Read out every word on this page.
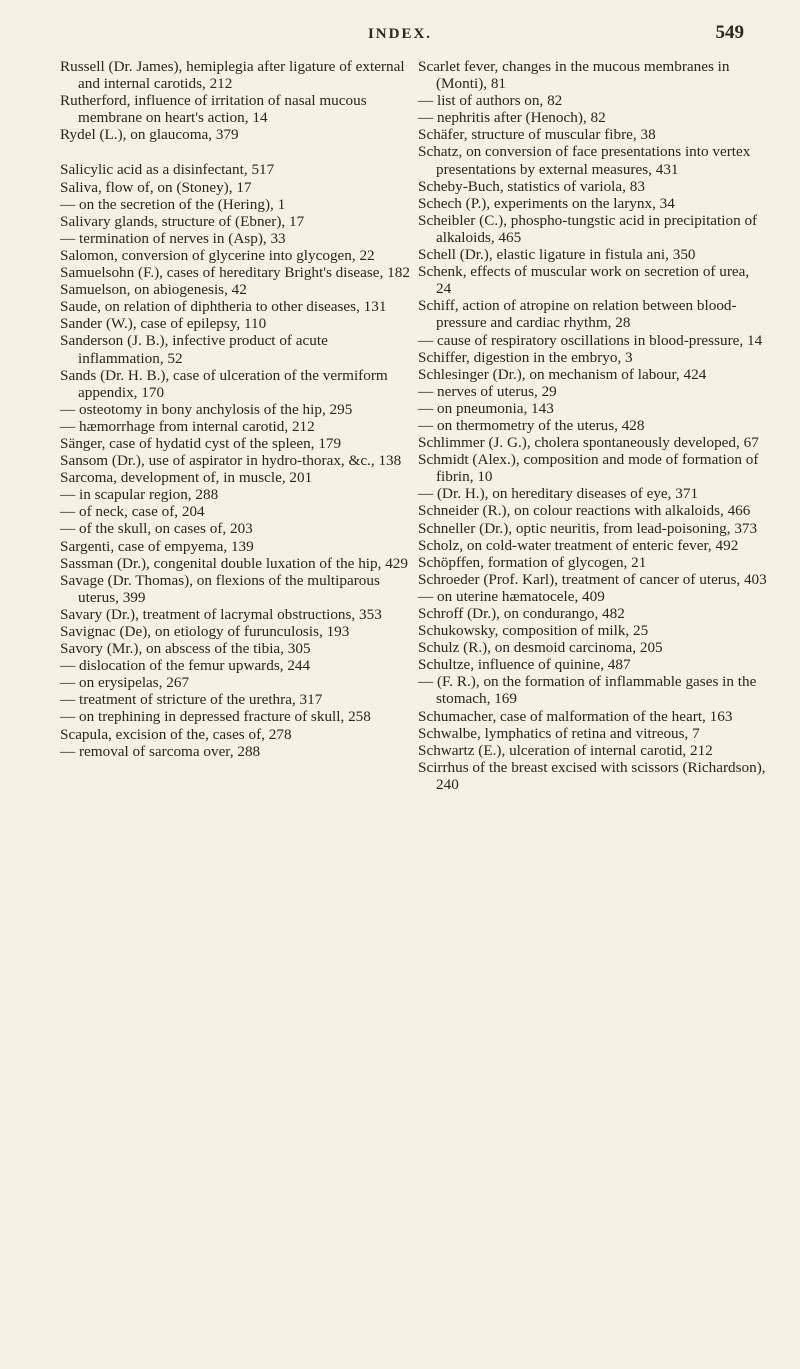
INDEX.	549

Russell (Dr. James), hemiplegia after ligature of external and internal carotids, 212

Rutherford, influence of irritation of nasal mucous membrane on heart's action, 14

Rydel (L.), on glaucoma, 379

Salicylic acid as a disinfectant, 517

Saliva, flow of, on (Stoney), 17

— on the secretion of the (Hering), 1

Salivary glands, structure of (Ebner), 17

— termination of nerves in (Asp), 33

Salomon, conversion of glycerine into glycogen, 22

Samuelsohn (F.), cases of hereditary Bright's disease, 182

Samuelson, on abiogenesis, 42

Saude, on relation of diphtheria to other diseases, 131

Sander (W.), case of epilepsy, 110

Sanderson (J. B.), infective product of acute inflammation, 52

Sands (Dr. H. B.), case of ulceration of the vermiform appendix, 170

— osteotomy in bony anchylosis of the hip, 295

— hæmorrhage from internal carotid, 212

Sänger, case of hydatid cyst of the spleen, 179

Sansom (Dr.), use of aspirator in hydro-thorax, &c., 138

Sarcoma, development of, in muscle, 201

— in scapular region, 288

— of neck, case of, 204

— of the skull, on cases of, 203

Sargenti, case of empyema, 139

Sassman (Dr.), congenital double luxation of the hip, 429

Savage (Dr. Thomas), on flexions of the multiparous uterus, 399

Savary (Dr.), treatment of lacrymal obstructions, 353

Savignac (De), on etiology of furunculosis, 193

Savory (Mr.), on abscess of the tibia, 305

— dislocation of the femur upwards, 244

— on erysipelas, 267

— treatment of stricture of the urethra, 317

— on trephining in depressed fracture of skull, 258

Scapula, excision of the, cases of, 278

— removal of sarcoma over, 288

Scarlet fever, changes in the mucous membranes in (Monti), 81

— list of authors on, 82

— nephritis after (Henoch), 82

Schäfer, structure of muscular fibre, 38

Schatz, on conversion of face presentations into vertex presentations by external measures, 431

Scheby-Buch, statistics of variola, 83

Schech (P.), experiments on the larynx, 34

Scheibler (C.), phospho-tungstic acid in precipitation of alkaloids, 465

Schell (Dr.), elastic ligature in fistula ani, 350

Schenk, effects of muscular work on secretion of urea, 24

Schiff, action of atropine on relation between blood-pressure and cardiac rhythm, 28

— cause of respiratory oscillations in blood-pressure, 14

Schiffer, digestion in the embryo, 3

Schlesinger (Dr.), on mechanism of labour, 424

— nerves of uterus, 29

— on pneumonia, 143

— on thermometry of the uterus, 428

Schlimmer (J. G.), cholera spontaneously developed, 67

Schmidt (Alex.), composition and mode of formation of fibrin, 10

— (Dr. H.), on hereditary diseases of eye, 371

Schneider (R.), on colour reactions with alkaloids, 466

Schneller (Dr.), optic neuritis, from lead-poisoning, 373

Scholz, on cold-water treatment of enteric fever, 492

Schöpffen, formation of glycogen, 21

Schroeder (Prof. Karl), treatment of cancer of uterus, 403

— on uterine hæmatocele, 409

Schroff (Dr.), on condurango, 482

Schukowsky, composition of milk, 25

Schulz (R.), on desmoid carcinoma, 205

Schultze, influence of quinine, 487

— (F. R.), on the formation of inflammable gases in the stomach, 169

Schumacher, case of malformation of the heart, 163

Schwalbe, lymphatics of retina and vitreous, 7

Schwartz (E.), ulceration of internal carotid, 212

Scirrhus of the breast excised with scissors (Richardson), 240
